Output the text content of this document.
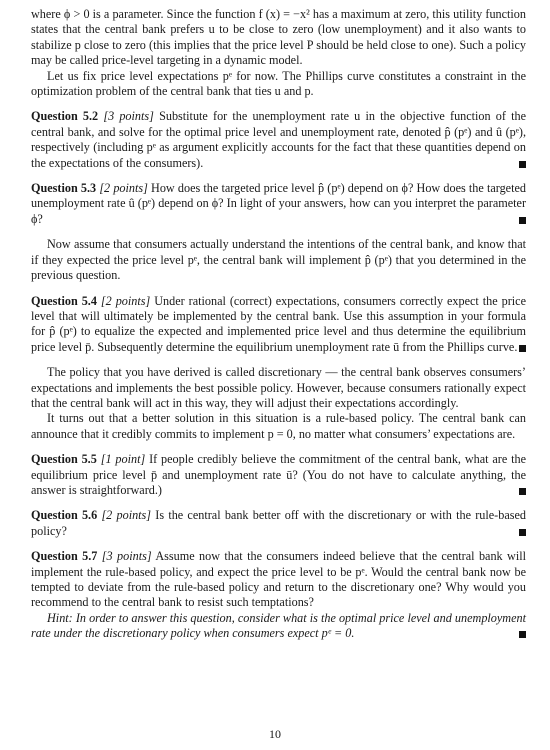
where ϕ > 0 is a parameter. Since the function f (x) = −x² has a maximum at zero, this utility function states that the central bank prefers u to be close to zero (low unemployment) and it also wants to stabilize p close to zero (this implies that the price level P should be held close to one). Such a policy may be called price-level targeting in a dynamic model.

Let us fix price level expectations pᵉ for now. The Phillips curve constitutes a constraint in the optimization problem of the central bank that ties u and p.

Question 5.2 [3 points] Substitute for the unemployment rate u in the objective function of the central bank, and solve for the optimal price level and unemployment rate, denoted p̂ (pᵉ) and û (pᵉ), respectively (including pᵉ as argument explicitly accounts for the fact that these quantities depend on the expectations of the consumers).

Question 5.3 [2 points] How does the targeted price level p̂ (pᵉ) depend on ϕ? How does the targeted unemployment rate û (pᵉ) depend on ϕ? In light of your answers, how can you interpret the parameter ϕ?

Now assume that consumers actually understand the intentions of the central bank, and know that if they expected the price level pᵉ, the central bank will implement p̂ (pᵉ) that you determined in the previous question.

Question 5.4 [2 points] Under rational (correct) expectations, consumers correctly expect the price level that will ultimately be implemented by the central bank. Use this assumption in your formula for p̂ (pᵉ) to equalize the expected and implemented price level and thus determine the equilibrium price level p̄. Subsequently determine the equilibrium unemployment rate ū from the Phillips curve.

The policy that you have derived is called discretionary — the central bank observes consumers’ expectations and implements the best possible policy. However, because consumers rationally expect that the central bank will act in this way, they will adjust their expectations accordingly.

It turns out that a better solution in this situation is a rule-based policy. The central bank can announce that it credibly commits to implement p = 0, no matter what consumers’ expectations are.

Question 5.5 [1 point] If people credibly believe the commitment of the central bank, what are the equilibrium price level p̄ and unemployment rate ū? (You do not have to calculate anything, the answer is straightforward.)

Question 5.6 [2 points] Is the central bank better off with the discretionary or with the rule-based policy?

Question 5.7 [3 points] Assume now that the consumers indeed believe that the central bank will implement the rule-based policy, and expect the price level to be pᵉ. Would the central bank now be tempted to deviate from the rule-based policy and return to the discretionary one? Why would you recommend to the central bank to resist such temptations?

Hint: In order to answer this question, consider what is the optimal price level and unemployment rate under the discretionary policy when consumers expect pᵉ = 0.

10
